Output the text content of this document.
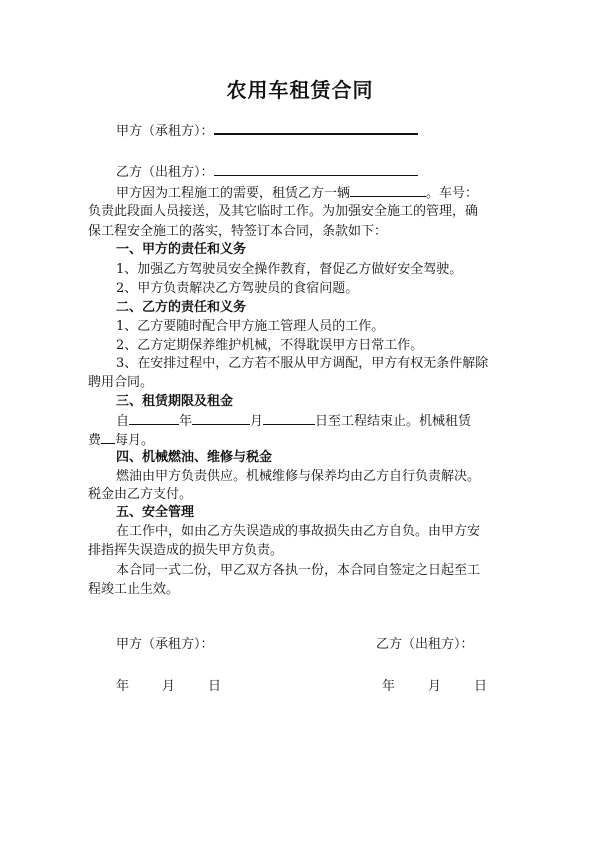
农用车租赁合同
甲方（承租方）：
乙方（出租方）：
甲方因为工程施工的需要，租赁乙方一辆	。车号：
负责此段面人员接送，及其它临时工作。为加强安全施工的管理，确
保工程安全施工的落实，特签订本合同，条款如下：
一、甲方的责任和义务
1、加强乙方驾驶员安全操作教育，督促乙方做好安全驾驶。
2、甲方负责解决乙方驾驶员的食宿问题。
二、乙方的责任和义务
1、乙方要随时配合甲方施工管理人员的工作。
2、乙方定期保养维护机械，不得耽误甲方日常工作。
3、在安排过程中，乙方若不服从甲方调配，甲方有权无条件解除
聘用合同。
三、租赁期限及租金
自	年	月	日至工程结束止。机械租赁
费 每月。
四、机械燃油、维修与税金
燃油由甲方负责供应。机械维修与保养均由乙方自行负责解决。
税金由乙方支付。
五、安全管理
在工作中，如由乙方失误造成的事故损失由乙方自负。由甲方安
排指挥失误造成的损失甲方负责。
本合同一式二份，甲乙双方各执一份，本合同自签定之日起至工
程竣工止生效。
甲方（承租方）：	乙方（出租方）：
年	月	日	年	月	日
